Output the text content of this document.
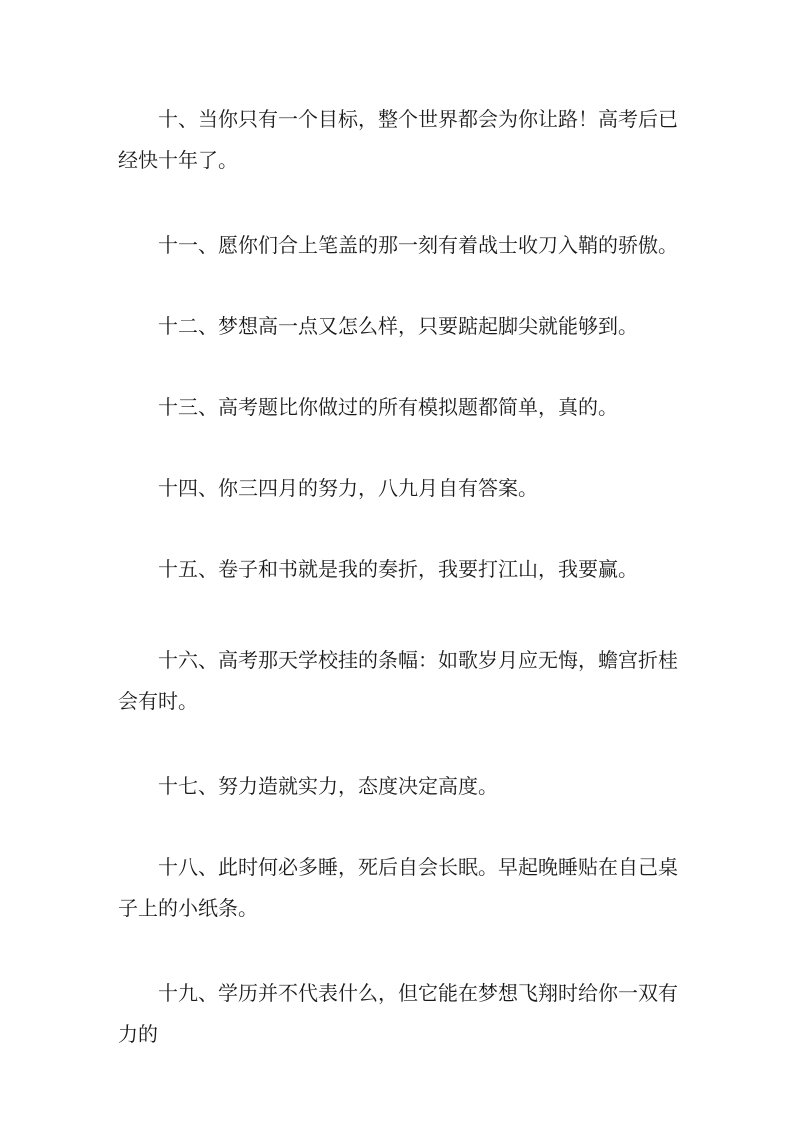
十、当你只有一个目标，整个世界都会为你让路！高考后已经快十年了。

十一、愿你们合上笔盖的那一刻有着战士收刀入鞘的骄傲。

十二、梦想高一点又怎么样，只要踮起脚尖就能够到。

十三、高考题比你做过的所有模拟题都简单，真的。

十四、你三四月的努力，八九月自有答案。

十五、卷子和书就是我的奏折，我要打江山，我要赢。

十六、高考那天学校挂的条幅：如歌岁月应无悔，蟾宫折桂会有时。

十七、努力造就实力，态度决定高度。

十八、此时何必多睡，死后自会长眠。早起晚睡贴在自己桌子上的小纸条。

十九、学历并不代表什么，但它能在梦想飞翔时给你一双有力的
